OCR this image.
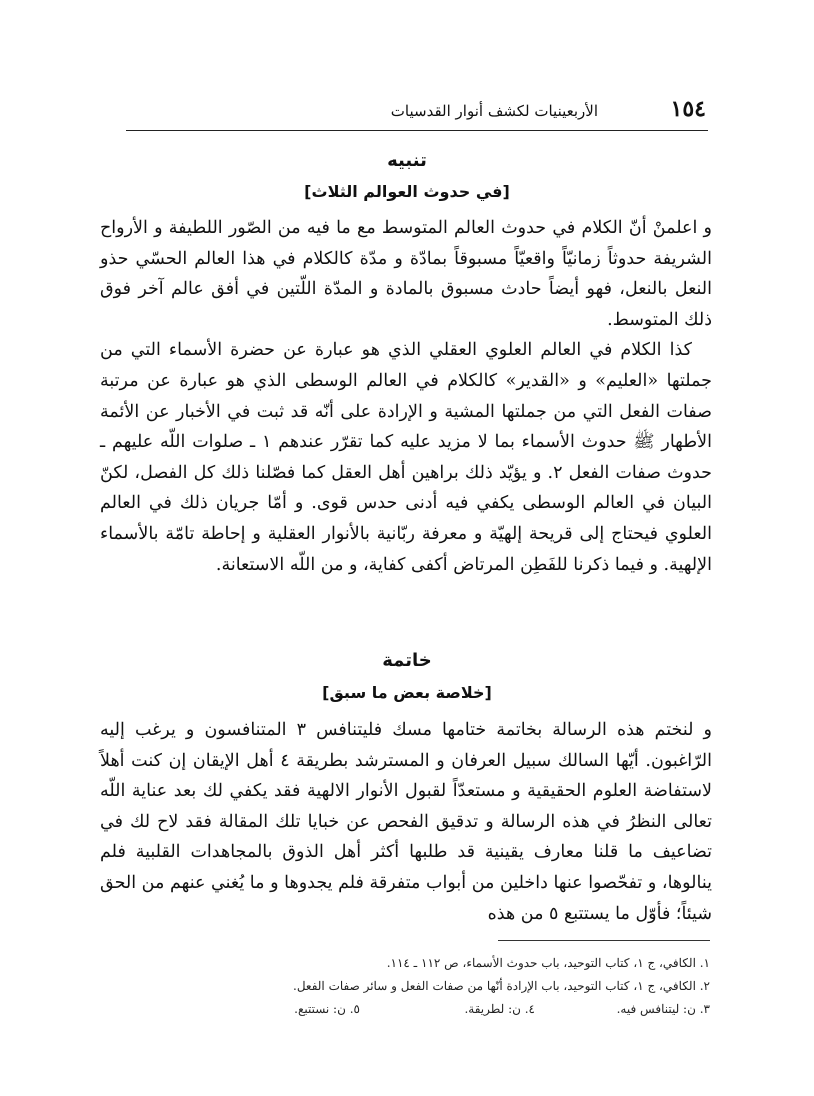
١٥٤
الأربعينيات لكشف أنوار القدسيات
تنبيه
[في حدوث العوالم الثلاث]

و اعلمنْ أنّ الكلام في حدوث العالم المتوسط مع ما فيه من الصّور اللطيفة و الأرواح الشريفة حدوثاً زمانيّاً واقعيّاً مسبوقاً بمادّة و مدّة كالكلام في هذا العالم الحسّي حذو النعل بالنعل، فهو أيضاً حادث مسبوق بالمادة و المدّة اللّتين في أفق عالم آخر فوق ذلك المتوسط.

كذا الكلام في العالم العلوي العقلي الذي هو عبارة عن حضرة الأسماء التي من جملتها «العليم» و «القدير» كالكلام في العالم الوسطى الذي هو عبارة عن مرتبة صفات الفعل التي من جملتها المشية و الإرادة على أنّه قد ثبت في الأخبار عن الأئمة الأطهار ﷺ حدوث الأسماء بما لا مزيد عليه كما تقرّر عندهم ١ ـ صلوات اللّه عليهم ـ حدوث صفات الفعل ٢. و يؤيّد ذلك براهين أهل العقل كما فصّلنا ذلك كل الفصل، لكنّ البيان في العالم الوسطى يكفي فيه أدنى حدس قوى. و أمّا جريان ذلك في العالم العلوي فيحتاج إلى قريحة إلهيّة و معرفة ربّانية بالأنوار العقلية و إحاطة تامّة بالأسماء الإلهية. و فيما ذكرنا للفَطِن المرتاض أكفى كفاية، و من اللّه الاستعانة.

خاتمة
[خلاصة بعض ما سبق]

و لنختم هذه الرسالة بخاتمة ختامها مسك فليتنافس ٣ المتنافسون و يرغب إليه الرّاغبون. أيّها السالك سبيل العرفان و المسترشد بطريقة ٤ أهل الإيقان إن كنت أهلاً لاستفاضة العلوم الحقيقية و مستعدّاً لقبول الأنوار الالهية فقد يكفي لك بعد عناية اللّه تعالى النظرُ في هذه الرسالة و تدقيق الفحص عن خبايا تلك المقالة فقد لاح لك في تضاعيف ما قلنا معارف يقينية قد طلبها أكثر أهل الذوق بالمجاهدات القلبية فلم ينالوها، و تفحّصوا عنها داخلين من أبواب متفرقة فلم يجدوها و ما يُغني عنهم من الحق شيئاً؛ فأوّل ما يستتبع ٥ من هذه

١. الكافي، ج ١، كتاب التوحيد، باب حدوث الأسماء، ص ١١٢ ـ ١١٤.

٢. الكافي، ج ١، كتاب التوحيد، باب الإرادة أنّها من صفات الفعل و سائر صفات الفعل.

٣. ن: ليتنافس فيه.

٤. ن: لطريقة.

٥. ن: نستتبع.
